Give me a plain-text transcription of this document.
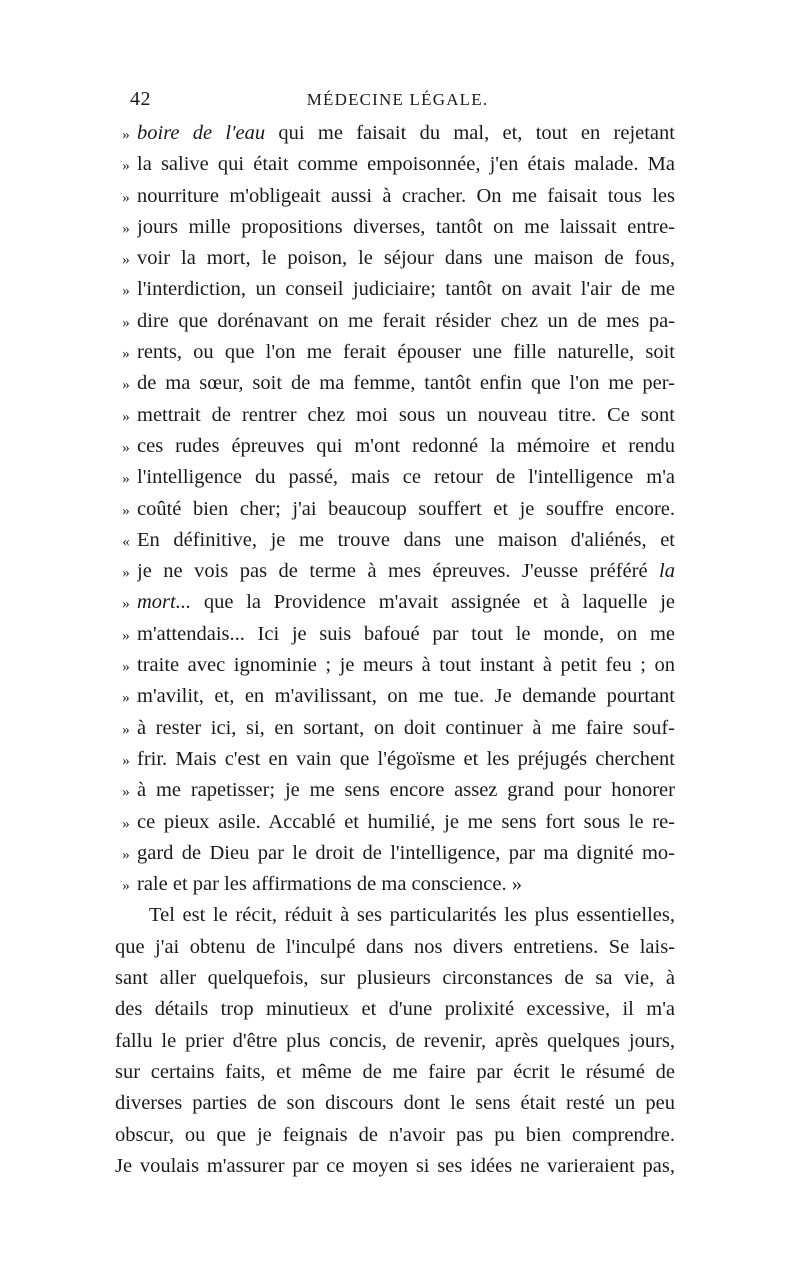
42	MÉDECINE LÉGALE.
» boire de l'eau qui me faisait du mal, et, tout en rejetant
» la salive qui était comme empoisonnée, j'en étais malade. Ma
» nourriture m'obligeait aussi à cracher. On me faisait tous les
» jours mille propositions diverses, tantôt on me laissait entre-
» voir la mort, le poison, le séjour dans une maison de fous,
» l'interdiction, un conseil judiciaire; tantôt on avait l'air de me
» dire que dorénavant on me ferait résider chez un de mes pa-
» rents, ou que l'on me ferait épouser une fille naturelle, soit
» de ma sœur, soit de ma femme, tantôt enfin que l'on me per-
» mettrait de rentrer chez moi sous un nouveau titre. Ce sont
» ces rudes épreuves qui m'ont redonné la mémoire et rendu
» l'intelligence du passé, mais ce retour de l'intelligence m'a
» coûté bien cher; j'ai beaucoup souffert et je souffre encore.
« En définitive, je me trouve dans une maison d'aliénés, et
» je ne vois pas de terme à mes épreuves. J'eusse préféré la
» mort... que la Providence m'avait assignée et à laquelle je
» m'attendais... Ici je suis bafoué par tout le monde, on me
» traite avec ignominie ; je meurs à tout instant à petit feu ; on
» m'avilit, et, en m'avilissant, on me tue. Je demande pourtant
» à rester ici, si, en sortant, on doit continuer à me faire souf-
» frir. Mais c'est en vain que l'égoïsme et les préjugés cherchent
» à me rapetisser; je me sens encore assez grand pour honorer
» ce pieux asile. Accablé et humilié, je me sens fort sous le re-
» gard de Dieu par le droit de l'intelligence, par ma dignité mo-
» rale et par les affirmations de ma conscience. »
Tel est le récit, réduit à ses particularités les plus essentielles,
que j'ai obtenu de l'inculpé dans nos divers entretiens. Se lais-
sant aller quelquefois, sur plusieurs circonstances de sa vie, à
des détails trop minutieux et d'une prolixité excessive, il m'a
fallu le prier d'être plus concis, de revenir, après quelques jours,
sur certains faits, et même de me faire par écrit le résumé de
diverses parties de son discours dont le sens était resté un peu
obscur, ou que je feignais de n'avoir pas pu bien comprendre.
Je voulais m'assurer par ce moyen si ses idées ne varieraient pas,
